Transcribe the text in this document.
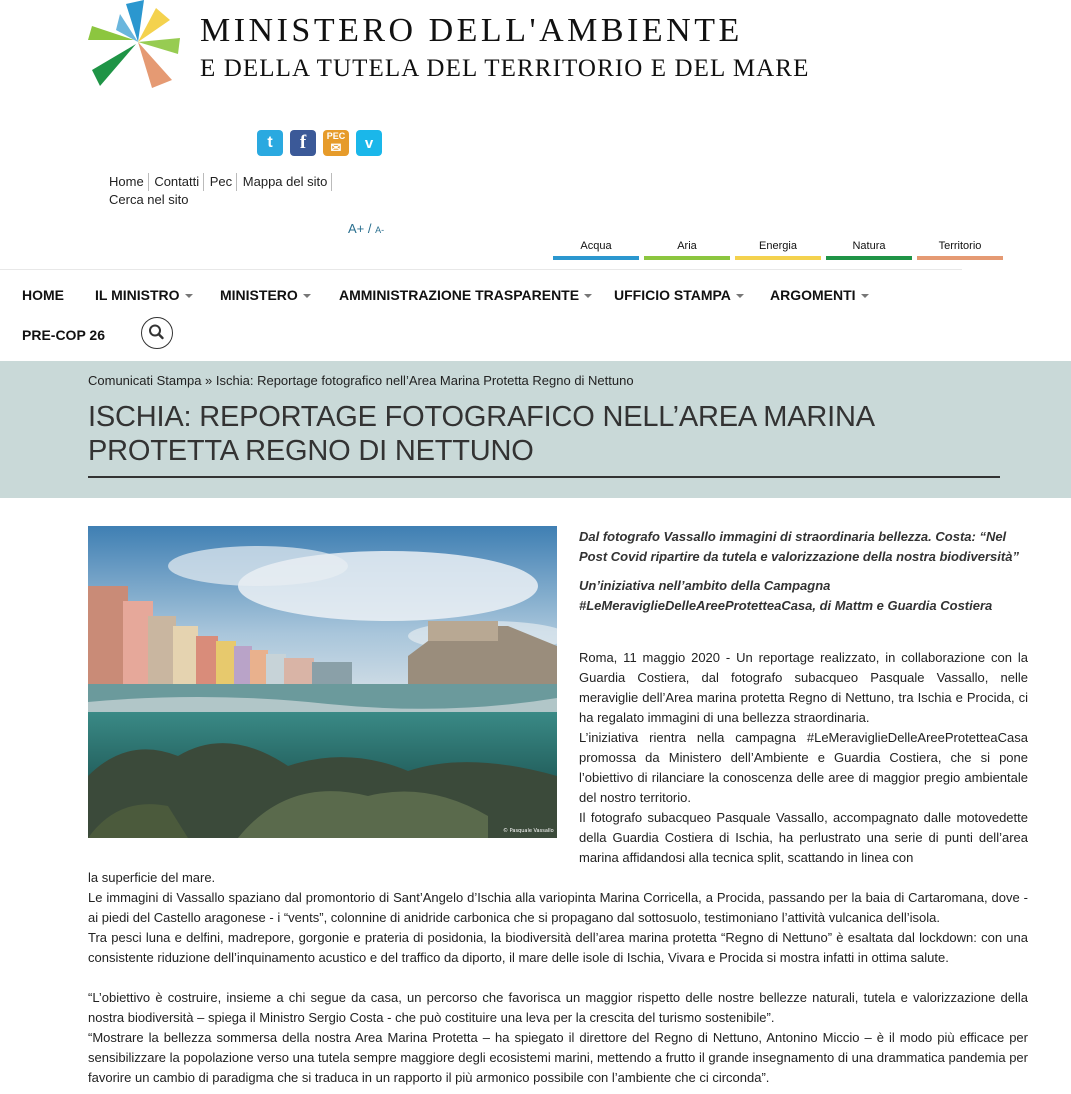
MINISTERO DELL'AMBIENTE
E DELLA TUTELA DEL TERRITORIO E DEL MARE
t	f	PEC
✉	v
Home Contatti Pec Mappa del sito
Cerca nel sito
A+ / A-
Acqua	Aria	Energia	Natura	Territorio
HOME IL MINISTRO	MINISTERO	AMMINISTRAZIONE TRASPARENTE	UFFICIO STAMPA	ARGOMENTI
PRE-COP 26
Comunicati Stampa » Ischia: Reportage fotografico nell’Area Marina Protetta Regno di Nettuno
ISCHIA: REPORTAGE FOTOGRAFICO NELL’AREA MARINA PROTETTA REGNO DI NETTUNO
© Pasquale Vassallo
Dal fotografo Vassallo immagini di straordinaria bellezza. Costa: “Nel Post Covid ripartire da tutela e valorizzazione della nostra biodiversità”
Un’iniziativa nell’ambito della Campagna #LeMeraviglieDelleAreeProtetteaCasa, di Mattm e Guardia Costiera
Roma, 11 maggio 2020 - Un reportage realizzato, in collaborazione con la Guardia Costiera, dal fotografo subacqueo Pasquale Vassallo, nelle meraviglie dell’Area marina protetta Regno di Nettuno, tra Ischia e Procida, ci ha regalato immagini di una bellezza straordinaria.
L’iniziativa rientra nella campagna #LeMeraviglieDelleAreeProtetteaCasa promossa da Ministero dell’Ambiente e Guardia Costiera, che si pone l’obiettivo di rilanciare la conoscenza delle aree di maggior pregio ambientale del nostro territorio.
Il fotografo subacqueo Pasquale Vassallo, accompagnato dalle motovedette della Guardia Costiera di Ischia, ha perlustrato una serie di punti dell’area marina affidandosi alla tecnica split, scattando in linea con
la superficie del mare.
Le immagini di Vassallo spaziano dal promontorio di Sant’Angelo d’Ischia alla variopinta Marina Corricella, a Procida, passando per la baia di Cartaromana, dove - ai piedi del Castello aragonese - i “vents”, colonnine di anidride carbonica che si propagano dal sottosuolo, testimoniano l’attività vulcanica dell’isola.
Tra pesci luna e delfini, madrepore, gorgonie e prateria di posidonia, la biodiversità dell’area marina protetta “Regno di Nettuno” è esaltata dal lockdown: con una consistente riduzione dell’inquinamento acustico e del traffico da diporto, il mare delle isole di Ischia, Vivara e Procida si mostra infatti in ottima salute.
“L’obiettivo è costruire, insieme a chi segue da casa, un percorso che favorisca un maggior rispetto delle nostre bellezze naturali, tutela e valorizzazione della nostra biodiversità – spiega il Ministro Sergio Costa - che può costituire una leva per la crescita del turismo sostenibile”.
“Mostrare la bellezza sommersa della nostra Area Marina Protetta – ha spiegato il direttore del Regno di Nettuno, Antonino Miccio – è il modo più efficace per sensibilizzare la popolazione verso una tutela sempre maggiore degli ecosistemi marini, mettendo a frutto il grande insegnamento di una drammatica pandemia per favorire un cambio di paradigma che si traduca in un rapporto il più armonico possibile con l’ambiente che ci circonda”.
